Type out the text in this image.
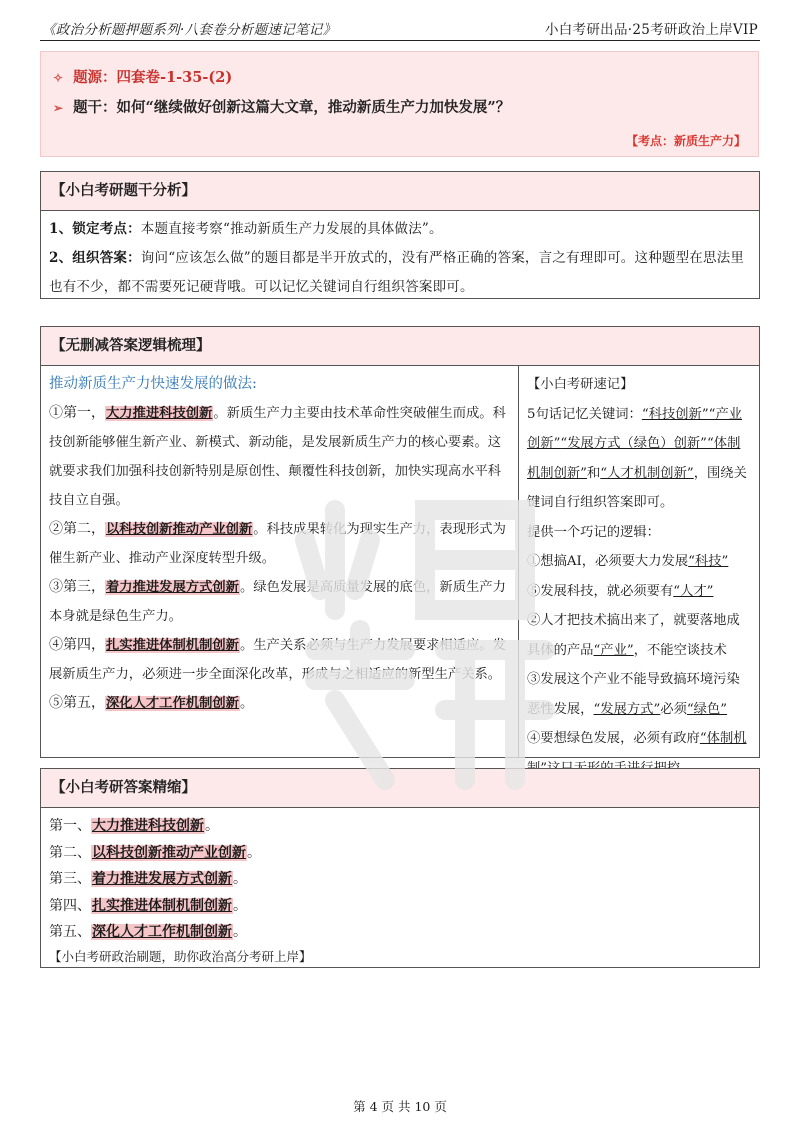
《政治分析题押题系列·八套卷分析题速记笔记》	小白考研出品·25考研政治上岸VIP
✧ 题源：四套卷-1-35-(2)
➢ 题干：如何“继续做好创新这篇大文章，推动新质生产力加快发展”？
【考点：新质生产力】
【小白考研题干分析】
1、锁定考点：本题直接考察“推动新质生产力发展的具体做法”。
2、组织答案：询问“应该怎么做”的题目都是半开放式的，没有严格正确的答案，言之有理即可。这种题型在思法里也有不少，都不需要死记硬背哦。可以记忆关键词自行组织答案即可。
【无删减答案逻辑梳理】
推动新质生产力快速发展的做法:
①第一，大力推进科技创新。新质生产力主要由技术革命性突破催生而成。科技创新能够催生新产业、新模式、新动能，是发展新质生产力的核心要素。这就要求我们加强科技创新特别是原创性、颠覆性科技创新，加快实现高水平科技自立自强。
②第二，以科技创新推动产业创新。科技成果转化为现实生产力，表现形式为催生新产业、推动产业深度转型升级。
③第三，着力推进发展方式创新。绿色发展是高质量发展的底色，新质生产力本身就是绿色生产力。
④第四，扎实推进体制机制创新。生产关系必须与生产力发展要求相适应。发展新质生产力，必须进一步全面深化改革，形成与之相适应的新型生产关系。
⑤第五，深化人才工作机制创新。
【小白考研速记】
5句话记忆关键词：“科技创新”“产业创新”“发展方式（绿色）创新”“体制机制创新”和“人才机制创新”，围绕关键词自行组织答案即可。
提供一个巧记的逻辑：
①想搞AI，必须要大力发展“科技”
⑤发展科技，就必须要有“人才”
②人才把技术搞出来了，就要落地成具体的产品“产业”，不能空谈技术
③发展这个产业不能导致搞环境污染恶性发展，“发展方式”必须“绿色”
④要想绿色发展，必须有政府“体制机
【小白考研答案精缩】
第一、大力推进科技创新。
第二、以科技创新推动产业创新。
第三、着力推进发展方式创新。
第四、扎实推进体制机制创新。
第五、深化人才工作机制创新。
【小白考研政治刷题，助你政治高分考研上岸】
第 4 页 共 10 页
